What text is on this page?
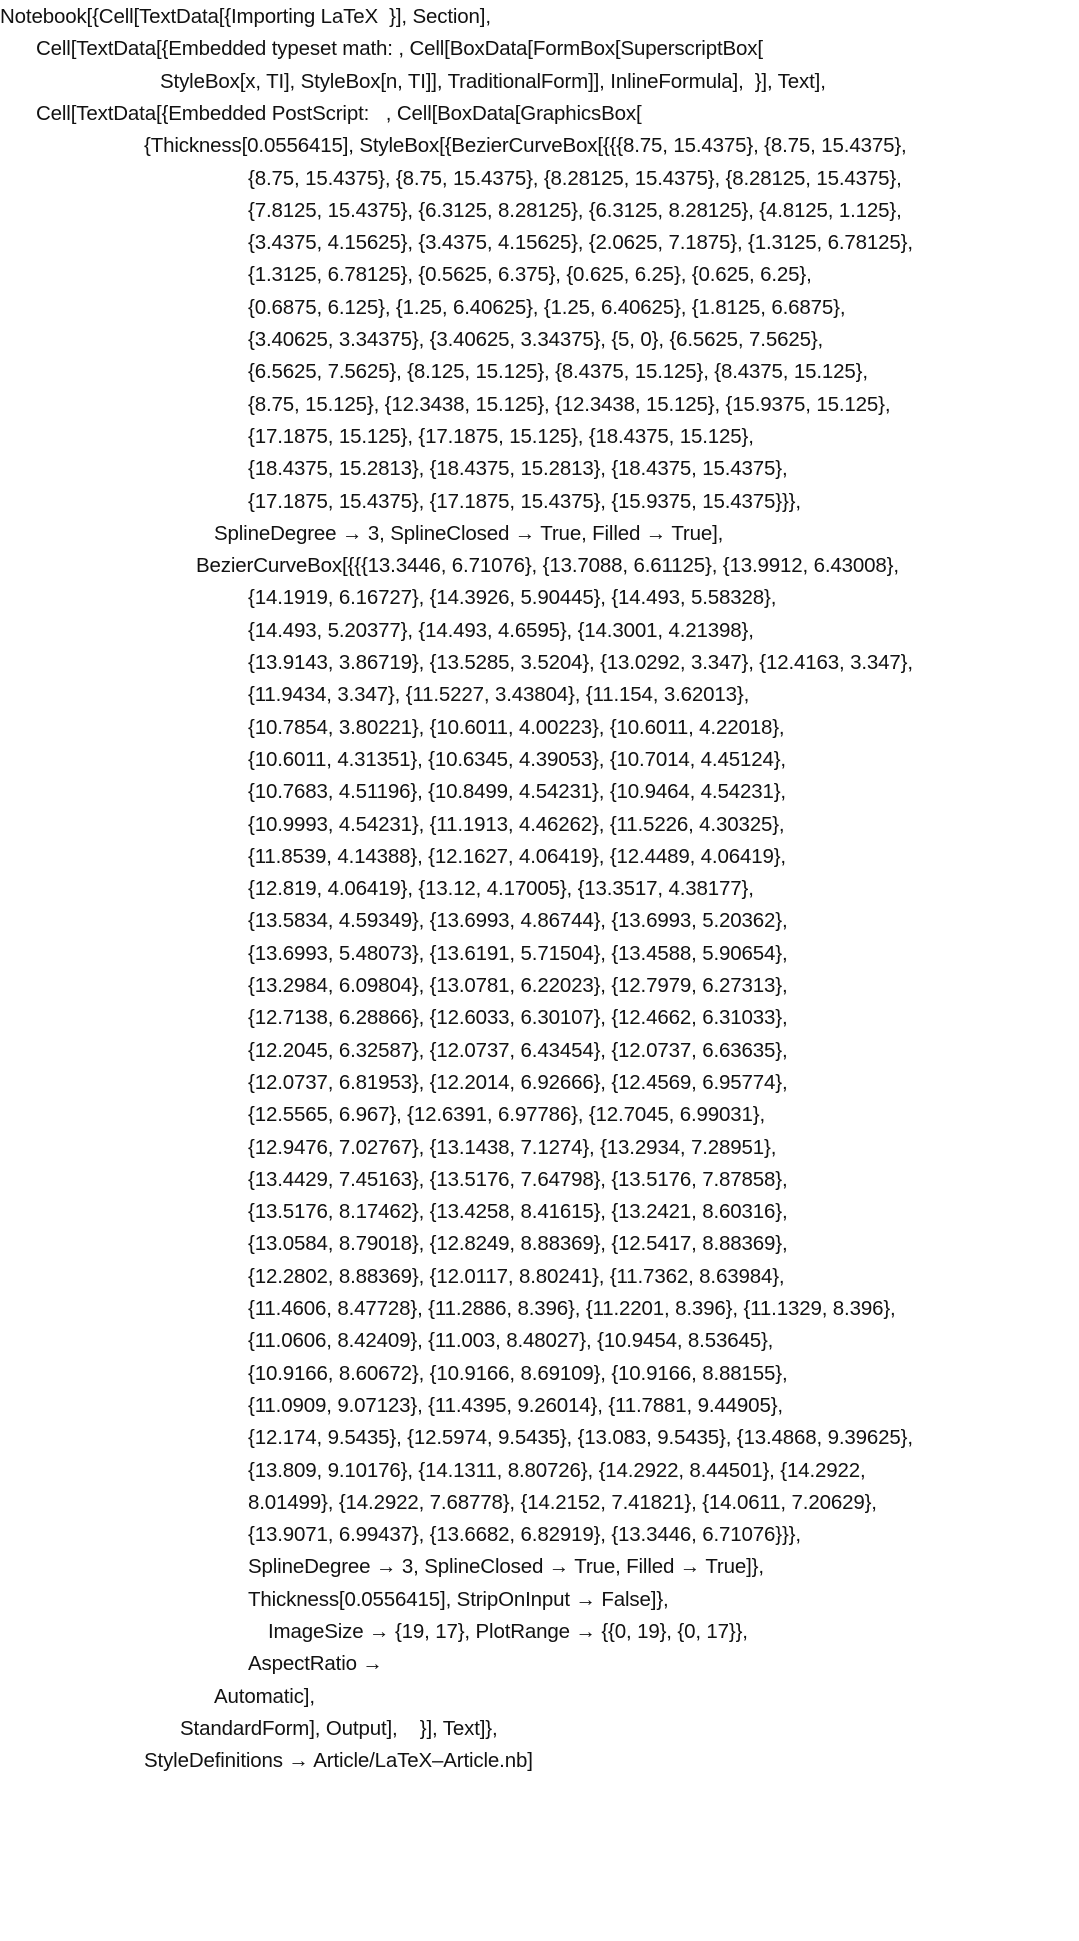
Notebook[{Cell[TextData[{Importing LaTeX  }], Section],
Cell[TextData[{Embedded typeset math: , Cell[BoxData[FormBox[SuperscriptBox[
StyleBox[x, TI], StyleBox[n, TI]], TraditionalForm]], InlineFormula],  }], Text],
Cell[TextData[{Embedded PostScript:   , Cell[BoxData[GraphicsBox[
{Thickness[0.0556415], StyleBox[{BezierCurveBox[{{{8.75, 15.4375}, {8.75, 15.4375},
{8.75, 15.4375}, {8.75, 15.4375}, {8.28125, 15.4375}, {8.28125, 15.4375},
{7.8125, 15.4375}, {6.3125, 8.28125}, {6.3125, 8.28125}, {4.8125, 1.125},
{3.4375, 4.15625}, {3.4375, 4.15625}, {2.0625, 7.1875}, {1.3125, 6.78125},
{1.3125, 6.78125}, {0.5625, 6.375}, {0.625, 6.25}, {0.625, 6.25},
{0.6875, 6.125}, {1.25, 6.40625}, {1.25, 6.40625}, {1.8125, 6.6875},
{3.40625, 3.34375}, {3.40625, 3.34375}, {5, 0}, {6.5625, 7.5625},
{6.5625, 7.5625}, {8.125, 15.125}, {8.4375, 15.125}, {8.4375, 15.125},
{8.75, 15.125}, {12.3438, 15.125}, {12.3438, 15.125}, {15.9375, 15.125},
{17.1875, 15.125}, {17.1875, 15.125}, {18.4375, 15.125},
{18.4375, 15.2813}, {18.4375, 15.2813}, {18.4375, 15.4375},
{17.1875, 15.4375}, {17.1875, 15.4375}, {15.9375, 15.4375}}},
SplineDegree → 3, SplineClosed → True, Filled → True],
BezierCurveBox[{{{13.3446, 6.71076}, {13.7088, 6.61125}, {13.9912, 6.43008},
{14.1919, 6.16727}, {14.3926, 5.90445}, {14.493, 5.58328},
{14.493, 5.20377}, {14.493, 4.6595}, {14.3001, 4.21398},
{13.9143, 3.86719}, {13.5285, 3.5204}, {13.0292, 3.347}, {12.4163, 3.347},
{11.9434, 3.347}, {11.5227, 3.43804}, {11.154, 3.62013},
{10.7854, 3.80221}, {10.6011, 4.00223}, {10.6011, 4.22018},
{10.6011, 4.31351}, {10.6345, 4.39053}, {10.7014, 4.45124},
{10.7683, 4.51196}, {10.8499, 4.54231}, {10.9464, 4.54231},
{10.9993, 4.54231}, {11.1913, 4.46262}, {11.5226, 4.30325},
{11.8539, 4.14388}, {12.1627, 4.06419}, {12.4489, 4.06419},
{12.819, 4.06419}, {13.12, 4.17005}, {13.3517, 4.38177},
{13.5834, 4.59349}, {13.6993, 4.86744}, {13.6993, 5.20362},
{13.6993, 5.48073}, {13.6191, 5.71504}, {13.4588, 5.90654},
{13.2984, 6.09804}, {13.0781, 6.22023}, {12.7979, 6.27313},
{12.7138, 6.28866}, {12.6033, 6.30107}, {12.4662, 6.31033},
{12.2045, 6.32587}, {12.0737, 6.43454}, {12.0737, 6.63635},
{12.0737, 6.81953}, {12.2014, 6.92666}, {12.4569, 6.95774},
{12.5565, 6.967}, {12.6391, 6.97786}, {12.7045, 6.99031},
{12.9476, 7.02767}, {13.1438, 7.1274}, {13.2934, 7.28951},
{13.4429, 7.45163}, {13.5176, 7.64798}, {13.5176, 7.87858},
{13.5176, 8.17462}, {13.4258, 8.41615}, {13.2421, 8.60316},
{13.0584, 8.79018}, {12.8249, 8.88369}, {12.5417, 8.88369},
{12.2802, 8.88369}, {12.0117, 8.80241}, {11.7362, 8.63984},
{11.4606, 8.47728}, {11.2886, 8.396}, {11.2201, 8.396}, {11.1329, 8.396},
{11.0606, 8.42409}, {11.003, 8.48027}, {10.9454, 8.53645},
{10.9166, 8.60672}, {10.9166, 8.69109}, {10.9166, 8.88155},
{11.0909, 9.07123}, {11.4395, 9.26014}, {11.7881, 9.44905},
{12.174, 9.5435}, {12.5974, 9.5435}, {13.083, 9.5435}, {13.4868, 9.39625},
{13.809, 9.10176}, {14.1311, 8.80726}, {14.2922, 8.44501}, {14.2922,
8.01499}, {14.2922, 7.68778}, {14.2152, 7.41821}, {14.0611, 7.20629},
{13.9071, 6.99437}, {13.6682, 6.82919}, {13.3446, 6.71076}}},
SplineDegree → 3, SplineClosed → True, Filled → True]},
Thickness[0.0556415], StripOnInput → False]},
ImageSize → {19, 17}, PlotRange → {{0, 19}, {0, 17}},
AspectRatio →
Automatic],
StandardForm], Output],    }], Text]},
StyleDefinitions → Article/LaTeX–Article.nb]
